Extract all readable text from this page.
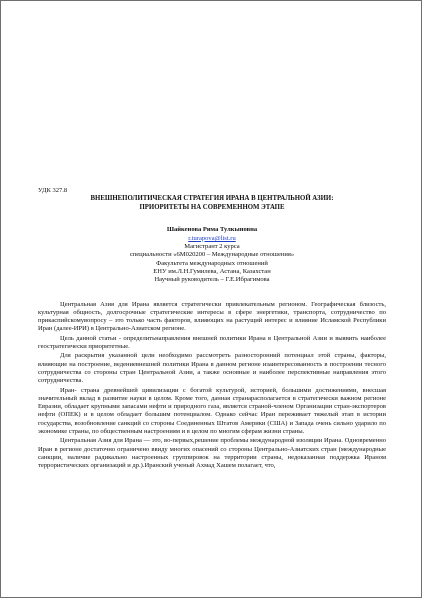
УДК 327.8

ВНЕШНЕПОЛИТИЧЕСКАЯ СТРАТЕГИЯ ИРАНА В ЦЕНТРАЛЬНОЙ АЗИИ:

ПРИОРИТЕТЫ НА СОВРЕМЕННОМ ЭТАПЕ

Шайкенова Рима Тулкыновна

r.turapova@list.ru

Магистрант 2 курса

специальности «6М020200 – Международные отношения»

Факультета международных отношений

ЕНУ им.Л.Н.Гумилева, Астана, Казахстан

Научный руководитель – Г.Е.Ибрагимова

Центральная Азия для Ирана является стратегически привлекательным регионом. Географическая близость, культурная общность, долгосрочные стратегические интересы в сфере энергетики, транспорта, сотрудничество по прикаспийскомувопросу – это только часть факторов, влияющих на растущий интерес и влияние Исламской Республики Иран (далее-ИРИ) в Центрально-Азиатском регионе.

Цель данной статьи - определитьнаправления внешней политики Ирана в Центральной Азии и выявить наиболее геостратегически приоритетные.

Для раскрытия указанной цели необходимо рассмотреть разносторонний потенциал этой страны, факторы, влияющие на построение, ведениевнешней политики Ирана в данном регионе изаинтересованность в построении тесного сотрудничества со стороны стран Центральной Азии, а также основные и наиболее перспективные направления этого сотрудничества.

Иран- страна древнейшей цивилизации с богатой культурой, историей, большими достижениями, внесшая значительный вклад в развитие науки в целом. Кроме того, данная странарасполагается в стратегически важном регионе Евразии, обладает крупными запасами нефти и природного газа, является страной-членом Организации стран-экспортеров нефти (ОПЕК) и в целом обладает большим потенциалом. Однако сейчас Иран переживает тяжелый этап в истории государства, возобновление санкций со стороны Соединенных Штатов Америки (США) и Запада очень сильно ударило по экономике страны, по общественным настроениям и в целом по многим сферам жизни страны.

Центральная Азия для Ирана — это, во-первых,решение проблемы международной изоляции Ирана. Одновременно Иран в регионе достаточно ограничено ввиду многих опасений со стороны Центрально-Азиатских стран (международные санкции, наличие радикально настроенных группировок на территории страны, недоказанная поддержка Ираном террористических организаций и др.).Иранский ученый Ахмад Хашем полагает, что,
